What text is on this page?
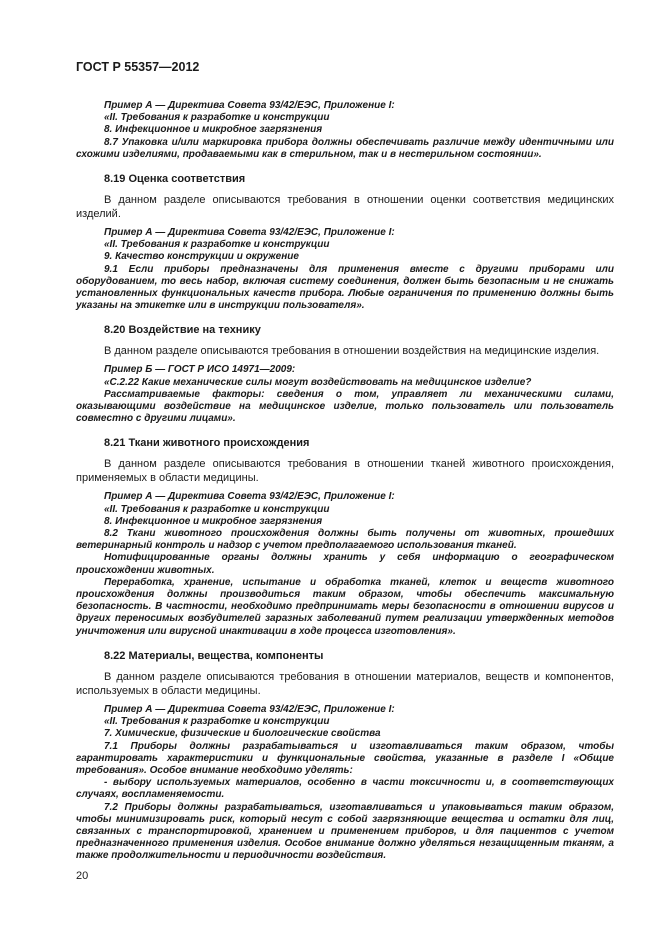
ГОСТ Р 55357—2012

Пример А — Директива Совета 93/42/ЕЭС, Приложение I:

«II. Требования к разработке и конструкции

8. Инфекционное и микробное загрязнения

8.7 Упаковка и/или маркировка прибора должны обеспечивать различие между идентичными или схожими изделиями, продаваемыми как в стерильном, так и в нестерильном состоянии».

8.19 Оценка соответствия

В данном разделе описываются требования в отношении оценки соответствия медицинских изделий.

Пример А — Директива Совета 93/42/ЕЭС, Приложение I:

«II. Требования к разработке и конструкции

9. Качество конструкции и окружение

9.1 Если приборы предназначены для применения вместе с другими приборами или оборудованием, то весь набор, включая систему соединения, должен быть безопасным и не снижать установленных функциональных качеств прибора. Любые ограничения по применению должны быть указаны на этикетке или в инструкции пользователя».

8.20 Воздействие на технику

В данном разделе описываются требования в отношении воздействия на медицинские изделия.

Пример Б — ГОСТ Р ИСО 14971—2009:

«С.2.22 Какие механические силы могут воздействовать на медицинское изделие?

Рассматриваемые факторы: сведения о том, управляет ли механическими силами, оказывающими воздействие на медицинское изделие, только пользователь или пользователь совместно с другими лицами».

8.21 Ткани животного происхождения

В данном разделе описываются требования в отношении тканей животного происхождения, применяемых в области медицины.

Пример А — Директива Совета 93/42/ЕЭС, Приложение I:

«II. Требования к разработке и конструкции

8. Инфекционное и микробное загрязнения

8.2 Ткани животного происхождения должны быть получены от животных, прошедших ветеринарный контроль и надзор с учетом предполагаемого использования тканей.

Нотифицированные органы должны хранить у себя информацию о географическом происхождении животных.

Переработка, хранение, испытание и обработка тканей, клеток и веществ животного происхождения должны производиться таким образом, чтобы обеспечить максимальную безопасность. В частности, необходимо предпринимать меры безопасности в отношении вирусов и других переносимых возбудителей заразных заболеваний путем реализации утвержденных методов уничтожения или вирусной инактивации в ходе процесса изготовления».

8.22 Материалы, вещества, компоненты

В данном разделе описываются требования в отношении материалов, веществ и компонентов, используемых в области медицины.

Пример А — Директива Совета 93/42/ЕЭС, Приложение I:

«II. Требования к разработке и конструкции

7. Химические, физические и биологические свойства

7.1 Приборы должны разрабатываться и изготавливаться таким образом, чтобы гарантировать характеристики и функциональные свойства, указанные в разделе I «Общие требования». Особое внимание необходимо уделять:

- выбору используемых материалов, особенно в части токсичности и, в соответствующих случаях, воспламеняемости.

7.2 Приборы должны разрабатываться, изготавливаться и упаковываться таким образом, чтобы минимизировать риск, который несут с собой загрязняющие вещества и остатки для лиц, связанных с транспортировкой, хранением и применением приборов, и для пациентов с учетом предназначенного применения изделия. Особое внимание должно уделяться незащищенным тканям, а также продолжительности и периодичности воздействия.

20
